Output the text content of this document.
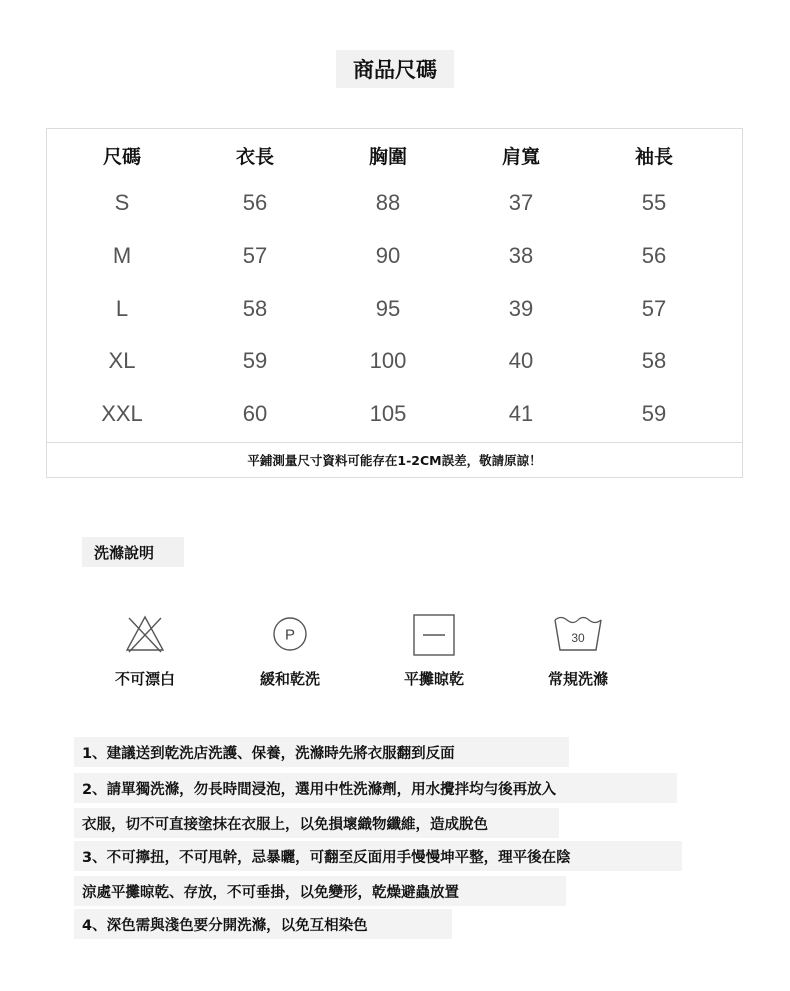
商品尺碼
尺碼	衣長	胸圍	肩寬	袖長
S	56	88	37	55
M	57	90	38	56
L	58	95	39	57
XL	59	100	40	58
XXL	60	105	41	59
平鋪測量尺寸資料可能存在1-2CM誤差，敬請原諒！
洗滌說明
不可漂白
P
緩和乾洗	平攤晾乾
30
常規洗滌
1、建議送到乾洗店洗護、保養，洗滌時先將衣服翻到反面
2、請單獨洗滌，勿長時間浸泡，選用中性洗滌劑，用水攪拌均勻後再放入
衣服，切不可直接塗抹在衣服上，以免損壞織物纖維，造成脫色
3、不可擰扭，不可甩幹，忌暴曬，可翻至反面用手慢慢坤平整，理平後在陰
涼處平攤晾乾、存放，不可垂掛，以免變形，乾燥避蟲放置
4、深色需與淺色要分開洗滌，以免互相染色
